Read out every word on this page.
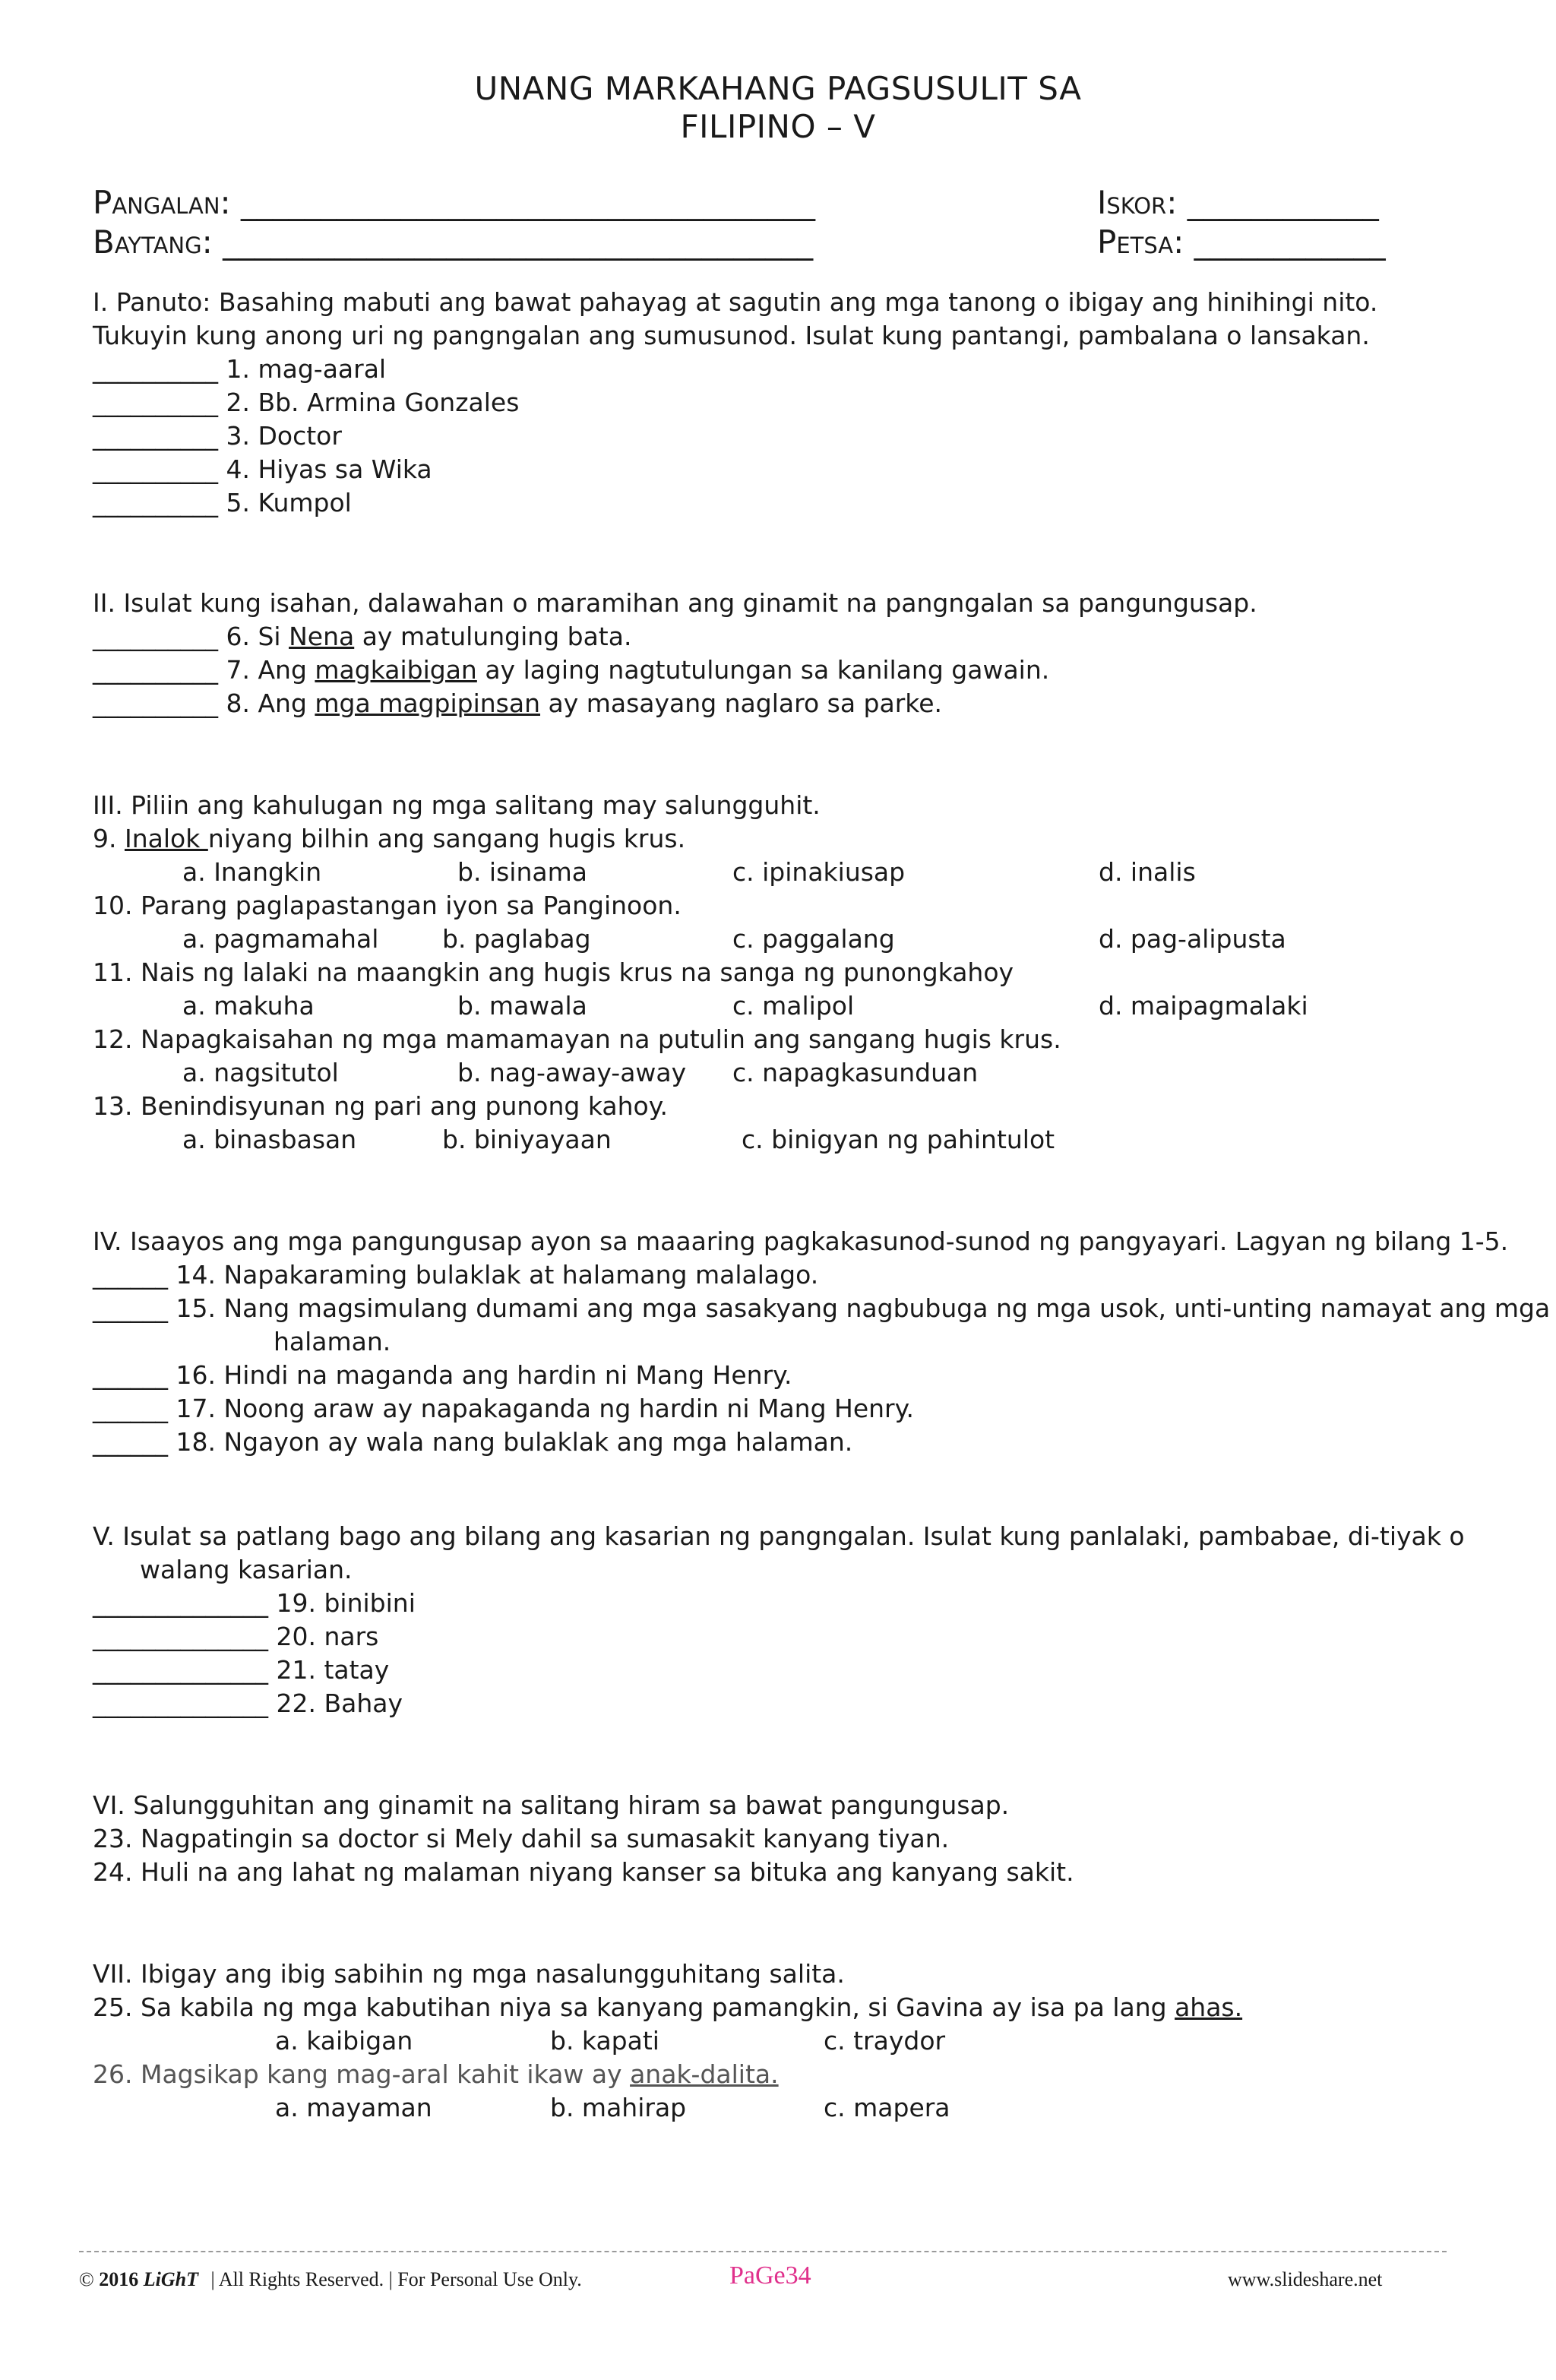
UNANG MARKAHANG PAGSUSULIT SA
FILIPINO – V
Pangalan: ____________________________________
Baytang: _____________________________________
Iskor: ____________
Petsa: ____________
I. Panuto: Basahing mabuti ang bawat pahayag at sagutin ang mga tanong o ibigay ang hinihingi nito.
Tukuyin kung anong uri ng pangngalan ang sumusunod. Isulat kung pantangi, pambalana o lansakan.
__________ 1. mag-aaral
__________ 2. Bb. Armina Gonzales
__________ 3. Doctor
__________ 4. Hiyas sa Wika
__________ 5. Kumpol
II. Isulat kung isahan, dalawahan o maramihan ang ginamit na pangngalan sa pangungusap.
__________ 6. Si Nena ay matulunging bata.
__________ 7. Ang magkaibigan ay laging nagtutulungan sa kanilang gawain.
__________ 8. Ang mga magpipinsan ay masayang naglaro sa parke.
III. Piliin ang kahulugan ng mga salitang may salungguhit.
9. Inalok niyang bilhin ang sangang hugis krus.
a. Inangkin	b. isinama	c. ipinakiusap	d. inalis
10. Parang paglapastangan iyon sa Panginoon.
a. pagmamahal	b. paglabag	c. paggalang	d. pag-alipusta
11. Nais ng lalaki na maangkin ang hugis krus na sanga ng punongkahoy
a. makuha	b. mawala	c. malipol	d. maipagmalaki
12. Napagkaisahan ng mga mamamayan na putulin ang sangang hugis krus.
a. nagsitutol	b. nag-away-away c. napagkasunduan
13. Benindisyunan ng pari ang punong kahoy.
a. binasbasan	b. biniyayaan	c. binigyan ng pahintulot
IV. Isaayos ang mga pangungusap ayon sa maaaring pagkakasunod-sunod ng pangyayari. Lagyan ng bilang 1-5.
______ 14. Napakaraming bulaklak at halamang malalago.
______ 15. Nang magsimulang dumami ang mga sasakyang nagbubuga ng mga usok, unti-unting namayat ang mga
halaman.
______ 16. Hindi na maganda ang hardin ni Mang Henry.
______ 17. Noong araw ay napakaganda ng hardin ni Mang Henry.
______ 18. Ngayon ay wala nang bulaklak ang mga halaman.
V. Isulat sa patlang bago ang bilang ang kasarian ng pangngalan. Isulat kung panlalaki, pambabae, di-tiyak o
walang kasarian.
______________ 19. binibini
______________ 20. nars
______________ 21. tatay
______________ 22. Bahay
VI. Salungguhitan ang ginamit na salitang hiram sa bawat pangungusap.
23. Nagpatingin sa doctor si Mely dahil sa sumasakit kanyang tiyan.
24. Huli na ang lahat ng malaman niyang kanser sa bituka ang kanyang sakit.
VII. Ibigay ang ibig sabihin ng mga nasalungguhitang salita.
25. Sa kabila ng mga kabutihan niya sa kanyang pamangkin, si Gavina ay isa pa lang ahas.
a. kaibigan	b. kapati	c. traydor
26. Magsikap kang mag-aral kahit ikaw ay anak-dalita.
a. mayaman	b. mahirap	c. mapera
© 2016 LiGhT | All Rights Reserved. | For Personal Use Only.	PaGe34	www.slideshare.net
